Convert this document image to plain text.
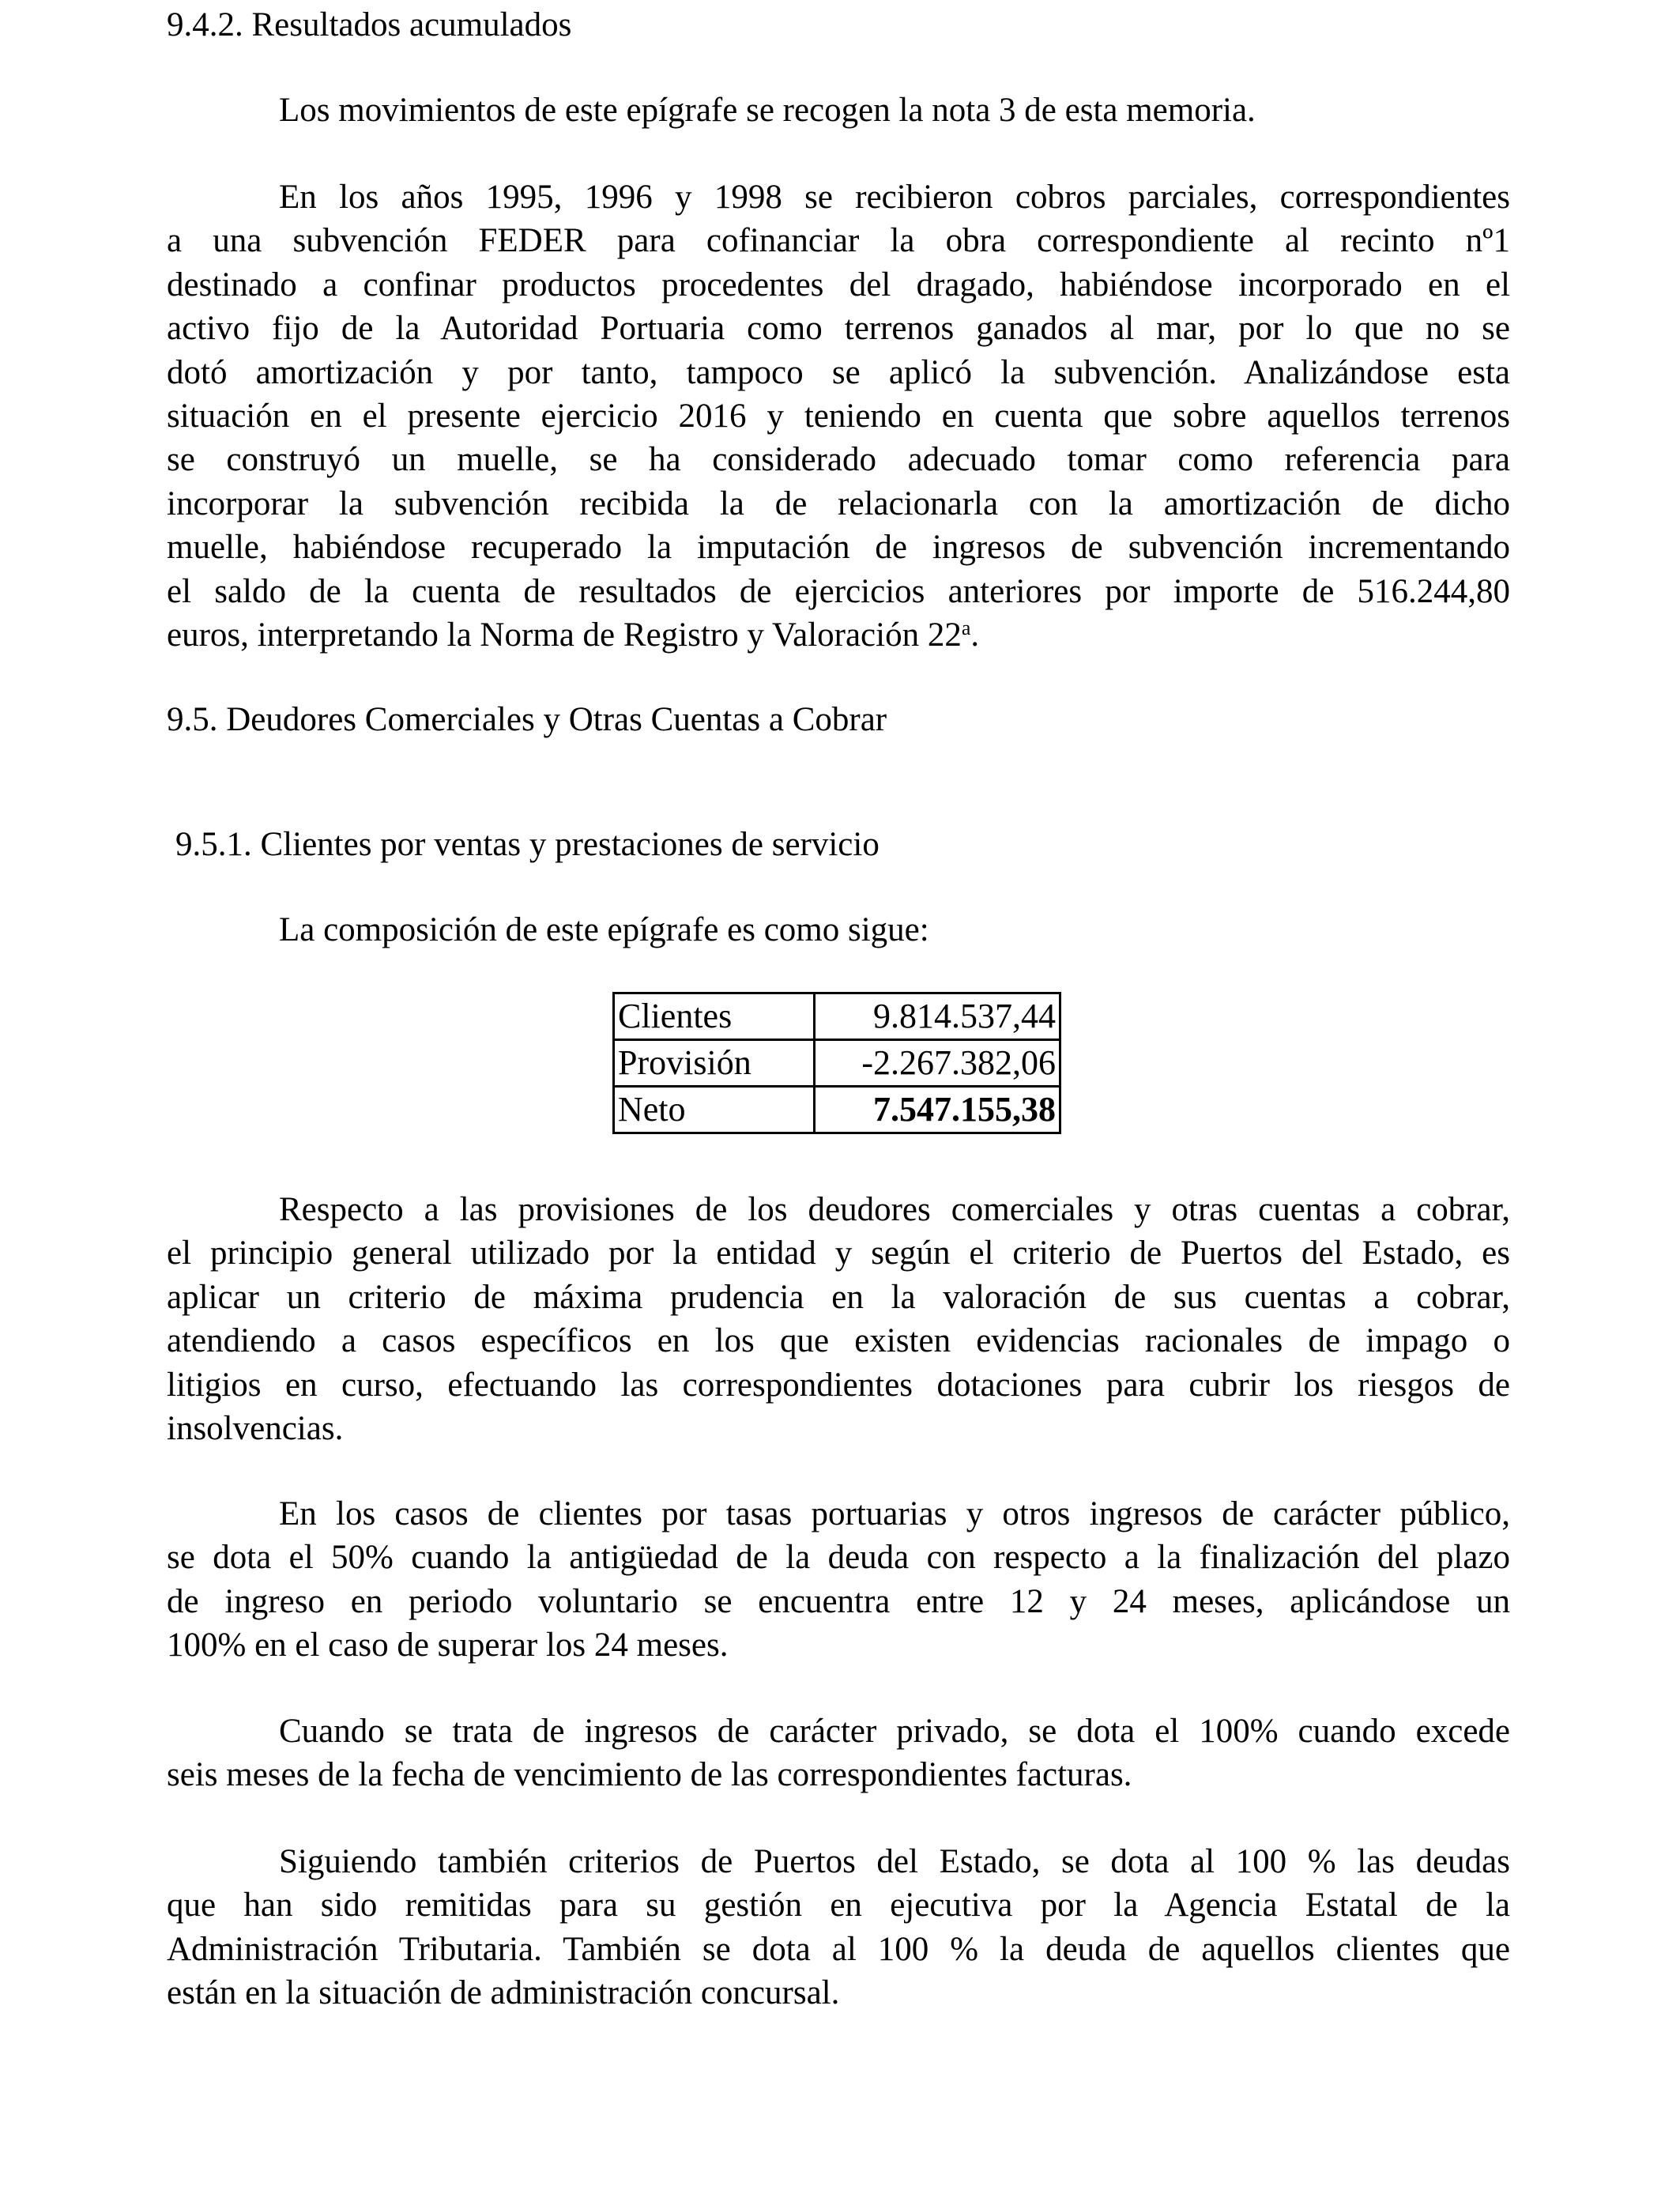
9.4.2. Resultados acumulados
Los movimientos de este epígrafe se recogen la nota 3 de esta memoria.
En los años 1995, 1996 y 1998 se recibieron cobros parciales, correspondientes
a una subvención FEDER para cofinanciar la obra correspondiente al recinto nº1
destinado a confinar productos procedentes del dragado, habiéndose incorporado en el
activo fijo de la Autoridad Portuaria como terrenos ganados al mar, por lo que no se
dotó amortización y por tanto, tampoco se aplicó la subvención. Analizándose esta
situación en el presente ejercicio 2016 y teniendo en cuenta que sobre aquellos terrenos
se construyó un muelle, se ha considerado adecuado tomar como referencia para
incorporar la subvención recibida la de relacionarla con la amortización de dicho
muelle, habiéndose recuperado la imputación de ingresos de subvención incrementando
el saldo de la cuenta de resultados de ejercicios anteriores por importe de 516.244,80
euros, interpretando la Norma de Registro y Valoración 22$^a$.
9.5. Deudores Comerciales y Otras Cuentas a Cobrar
9.5.1. Clientes por ventas y prestaciones de servicio
La composición de este epígrafe es como sigue:
Clientes	9.814.537,44
Provisión	-2.267.382,06
Neto	7.547.155,38
Respecto a las provisiones de los deudores comerciales y otras cuentas a cobrar,
el principio general utilizado por la entidad y según el criterio de Puertos del Estado, es
aplicar un criterio de máxima prudencia en la valoración de sus cuentas a cobrar,
atendiendo a casos específicos en los que existen evidencias racionales de impago o
litigios en curso, efectuando las correspondientes dotaciones para cubrir los riesgos de
insolvencias.
En los casos de clientes por tasas portuarias y otros ingresos de carácter público,
se dota el 50% cuando la antigüedad de la deuda con respecto a la finalización del plazo
de ingreso en periodo voluntario se encuentra entre 12 y 24 meses, aplicándose un
100% en el caso de superar los 24 meses.
Cuando se trata de ingresos de carácter privado, se dota el 100% cuando excede
seis meses de la fecha de vencimiento de las correspondientes facturas.
Siguiendo también criterios de Puertos del Estado, se dota al 100 % las deudas
que han sido remitidas para su gestión en ejecutiva por la Agencia Estatal de la
Administración Tributaria. También se dota al 100 % la deuda de aquellos clientes que
están en la situación de administración concursal.
